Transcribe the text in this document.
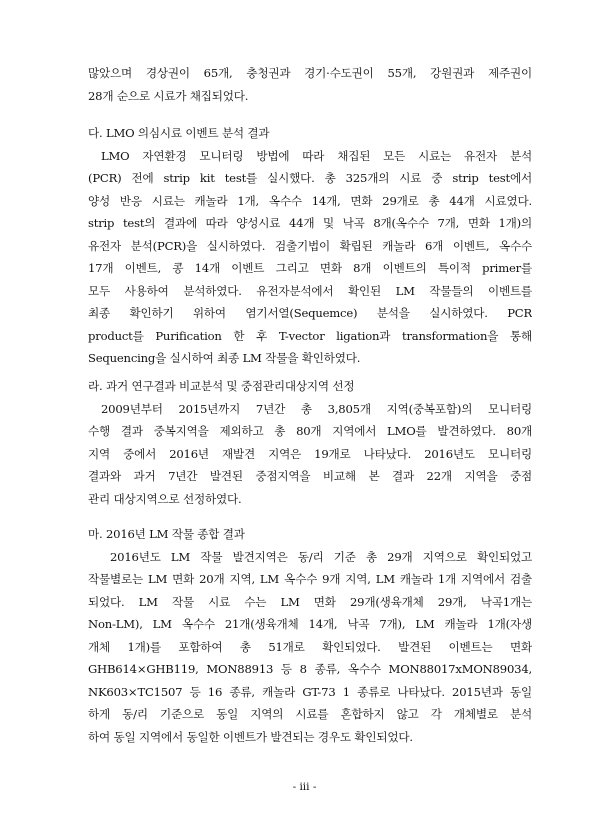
많았으며 경상권이 65개, 충청권과 경기·수도권이 55개, 강원권과 제주권이
28개 순으로 시료가 채집되었다.
다. LMO 의심시료 이벤트 분석 결과
LMO 자연환경 모니터링 방법에 따라 채집된 모든 시료는 유전자 분석
(PCR) 전에 strip kit test를 실시했다. 총 325개의 시료 중 strip test에서
양성 반응 시료는 캐놀라 1개, 옥수수 14개, 면화 29개로 총 44개 시료였다.
strip test의 결과에 따라 양성시료 44개 및 낙곡 8개(옥수수 7개, 면화 1개)의
유전자 분석(PCR)을 실시하였다. 검출기법이 확립된 캐놀라 6개 이벤트, 옥수수
17개 이벤트, 콩 14개 이벤트 그리고 면화 8개 이벤트의 특이적 primer를
모두 사용하여 분석하였다. 유전자분석에서 확인된 LM 작물들의 이벤트를
최종 확인하기 위하여 염기서열(Sequemce) 분석을 실시하였다. PCR
product를 Purification 한 후 T-vector ligation과 transformation을 통해
Sequencing을 실시하여 최종 LM 작물을 확인하였다.
라. 과거 연구결과 비교분석 및 중점관리대상지역 선정
2009년부터 2015년까지 7년간 총 3,805개 지역(중복포함)의 모니터링
수행 결과 중복지역을 제외하고 총 80개 지역에서 LMO를 발견하였다. 80개
지역 중에서 2016년 재발견 지역은 19개로 나타났다. 2016년도 모니터링
결과와 과거 7년간 발견된 중점지역을 비교해 본 결과 22개 지역을 중점
관리 대상지역으로 선정하였다.
마. 2016년 LM 작물 종합 결과
2016년도 LM 작물 발견지역은 동/리 기준 총 29개 지역으로 확인되었고
작물별로는 LM 면화 20개 지역, LM 옥수수 9개 지역, LM 캐놀라 1개 지역에서 검출
되었다. LM 작물 시료 수는 LM 면화 29개(생육개체 29개, 낙곡1개는
Non-LM), LM 옥수수 21개(생육개체 14개, 낙곡 7개), LM 캐놀라 1개(자생
개체 1개)를 포함하여 총 51개로 확인되었다. 발견된 이벤트는 면화
GHB614×GHB119, MON88913 등 8 종류, 옥수수 MON88017xMON89034,
NK603×TC1507 등 16 종류, 캐놀라 GT-73 1 종류로 나타났다. 2015년과 동일
하게 동/리 기준으로 동일 지역의 시료를 혼합하지 않고 각 개체별로 분석
하여 동일 지역에서 동일한 이벤트가 발견되는 경우도 확인되었다.
- iii -
